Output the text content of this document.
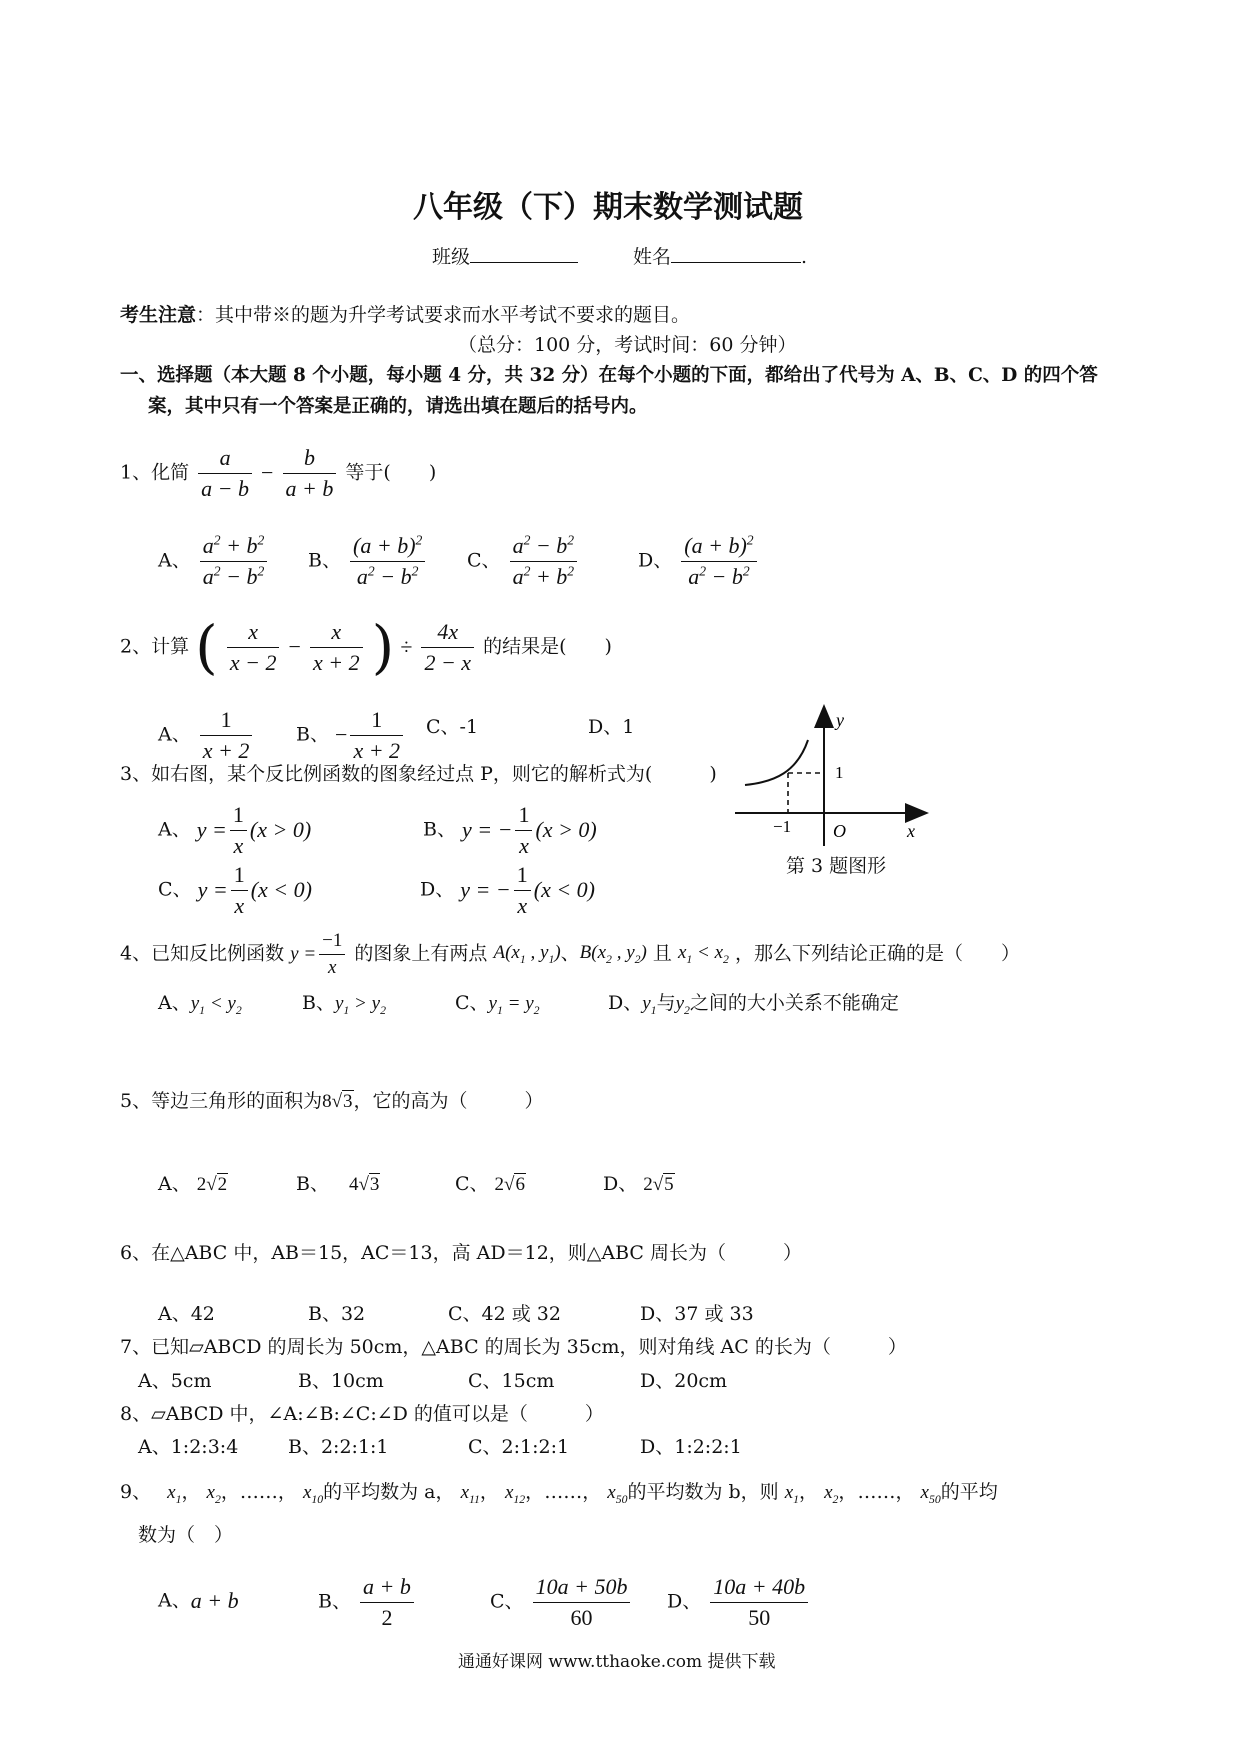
八年级（下）期末数学测试题
班级	姓名	.
考生注意：其中带※的题为升学考试要求而水平考试不要求的题目。
（总分：100 分，考试时间：60 分钟）
一、选择题（本大题 8 个小题，每小题 4 分，共 32 分）在每个小题的下面，都给出了代号为 A、B、C、D 的四个答
案，其中只有一个答案是正确的，请选出填在题后的括号内。
1、化简 $\frac{a}{a - b} - \frac{b}{a + b}$ 等于(　　)
A、 $\frac{a^2 + b^2}{a^2 - b^2}$ B、 $\frac{(a + b)^2}{a^2 - b^2}$ C、 $\frac{a^2 - b^2}{a^2 + b^2}$	D、 $\frac{(a + b)^2}{a^2 - b^2}$
2、计算 ( $\frac{x}{x - 2} - \frac{x}{x + 2}$ ) ÷ $\frac{4x}{2 - x}$ 的结果是(　　)
A、 $\frac{1}{x + 2}$ B、 − $\frac{1}{x + 2}$ C、-1	D、1
3、如右图，某个反比例函数的图象经过点 P，则它的解析式为(　　　)
A、 $y = \frac{1}{x} (x > 0)$	B、 y = − $\frac{1}{x} (x > 0)$
C、 $y = \frac{1}{x} (x < 0)$	D、 y = − $\frac{1}{x} (x < 0)$
y
x
O
1
−1
第 3 题图形
4、已知反比例函数 $y = \frac{-1}{x}$ 的图象上有两点 $A(x_1$ , $y_1$)、$B(x_2$ , $y_2$) 且 $x_1 < x_2$ ，那么下列结论正确的是（　　）
A、$y_1 < y_2$	B、$y_1 > y_2$	C、$y_1 = y_2$	D、$y_1$与$y_2$之间的大小关系不能确定
5、等边三角形的面积为8√3，它的高为（　　　）
A、 2√2	B、 4√3	C、 2√6	D、 2√5
6、在△ABC 中，AB＝15，AC＝13，高 AD＝12，则△ABC 周长为（　　　）
A、42	B、32	C、42 或 32	D、37 或 33
7、已知▱ABCD 的周长为 50cm，△ABC 的周长为 35cm，则对角线 AC 的长为（　　　）
A、5cm	B、10cm	C、15cm	D、20cm
8、▱ABCD 中，∠A:∠B:∠C:∠D 的值可以是（　　　）
A、1:2:3:4	B、2:2:1:1	C、2:1:2:1	D、1:2:2:1
9、 $x_1$， $x_2$，……， $x_{10}$的平均数为 a， $x_{11}$， $x_{12}$，……， $x_{50}$的平均数为 b，则 $x_1$， $x_2$，……， $x_{50}$的平均
数为（　）
A、a + b	B、 $\frac{a + b}{2}$	C、 $\frac{10a + 50b}{60}$ D、 $\frac{10a + 40b}{50}$
通通好课网 www.tthaoke.com 提供下载
